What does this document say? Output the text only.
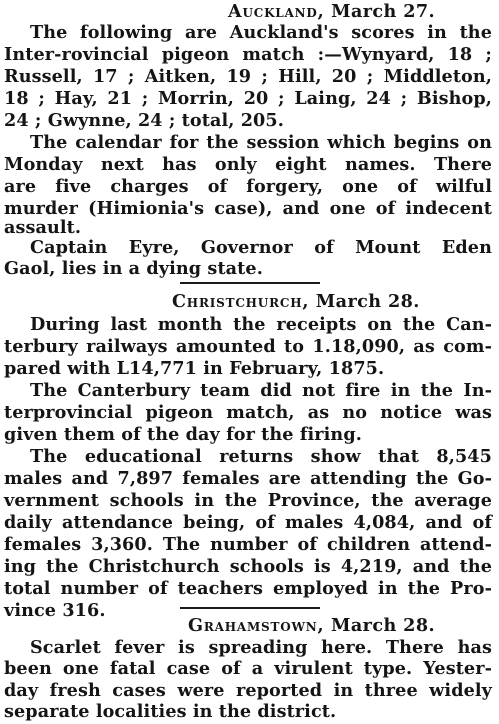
Auckland, March 27.
The following are Auckland's scores in the
Inter-rovincial pigeon match :—Wynyard, 18 ;
Russell, 17 ; Aitken, 19 ; Hill, 20 ; Middleton,
18 ; Hay, 21 ; Morrin, 20 ; Laing, 24 ; Bishop,
24 ; Gwynne, 24 ; total, 205.
The calendar for the session which begins on
Monday next has only eight names. There
are five charges of forgery, one of wilful
murder (Himionia's case), and one of indecent
assault.
Captain Eyre, Governor of Mount Eden
Gaol, lies in a dying state.
Christchurch, March 28.
During last month the receipts on the Can-
terbury railways amounted to 1.18,090, as com-
pared with L14,771 in February, 1875.
The Canterbury team did not fire in the In-
terprovincial pigeon match, as no notice was
given them of the day for the firing.
The educational returns show that 8,545
males and 7,897 females are attending the Go-
vernment schools in the Province, the average
daily attendance being, of males 4,084, and of
females 3,360. The number of children attend-
ing the Christchurch schools is 4,219, and the
total number of teachers employed in the Pro-
vince 316.
Grahamstown, March 28.
Scarlet fever is spreading here. There has
been one fatal case of a virulent type. Yester-
day fresh cases were reported in three widely
separate localities in the district.
